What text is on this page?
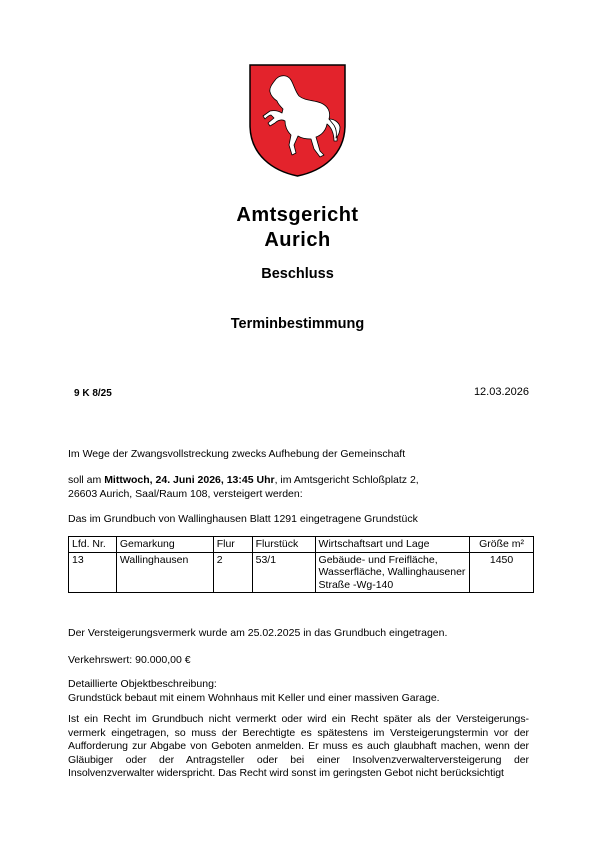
Amtsgericht
Aurich
Beschluss
Terminbestimmung
9 K 8/25	12.03.2026
Im Wege der Zwangsvollstreckung zwecks Aufhebung der Gemeinschaft
soll am Mittwoch, 24. Juni 2026, 13:45 Uhr, im Amtsgericht Schloßplatz 2,
26603 Aurich, Saal/Raum 108, versteigert werden:
Das im Grundbuch von Wallinghausen Blatt 1291 eingetragene Grundstück
Lfd. Nr.	Gemarkung	Flur	Flurstück	Wirtschaftsart und Lage	Größe m²
13	Wallinghausen	2	53/1	Gebäude- und Freifläche, Wasserfläche, Wallinghausener Straße -Wg-140	1450
Der Versteigerungsvermerk wurde am 25.02.2025 in das Grundbuch eingetragen.
Verkehrswert: 90.000,00 €
Detaillierte Objektbeschreibung:
Grundstück bebaut mit einem Wohnhaus mit Keller und einer massiven Garage.
Ist ein Recht im Grundbuch nicht vermerkt oder wird ein Recht später als der Versteigerungs-vermerk eingetragen, so muss der Berechtigte es spätestens im Versteigerungstermin vor der Aufforderung zur Abgabe von Geboten anmelden. Er muss es auch glaubhaft machen, wenn der Gläubiger oder der Antragsteller oder bei einer Insolvenzverwalterversteigerung der Insolvenzverwalter widerspricht. Das Recht wird sonst im geringsten Gebot nicht berücksichtigt
